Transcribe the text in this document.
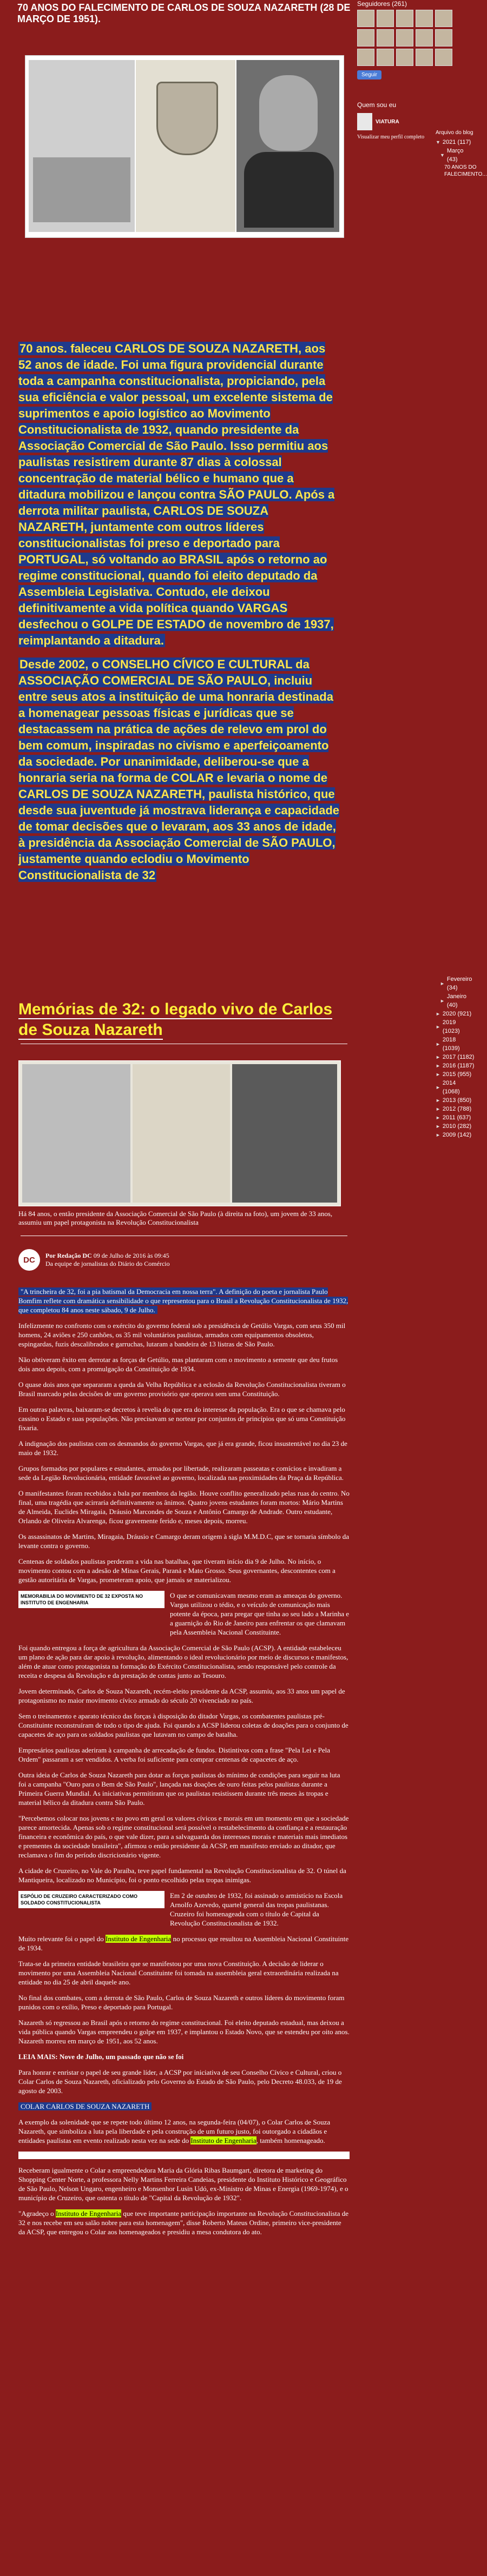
70 ANOS DO FALECIMENTO DE CARLOS DE SOUZA NAZARETH (28 DE MARÇO DE 1951).

70 anos. faleceu CARLOS DE SOUZA NAZARETH, aos 52 anos de idade. Foi uma figura providencial durante toda a campanha constitucionalista, propiciando, pela sua eficiência e valor pessoal, um excelente sistema de suprimentos e apoio logístico ao Movimento Constitucionalista de 1932, quando presidente da Associação Comercial de São Paulo. Isso permitiu aos paulistas resistirem durante 87 dias à colossal concentração de material bélico e humano que a ditadura mobilizou e lançou contra SÃO PAULO. Após a derrota militar paulista, CARLOS DE SOUZA NAZARETH, juntamente com outros líderes constitucionalistas foi preso e deportado para PORTUGAL, só voltando ao BRASIL após o retorno ao regime constitucional, quando foi eleito deputado da Assembleia Legislativa. Contudo, ele deixou definitivamente a vida política quando VARGAS desfechou o GOLPE DE ESTADO de novembro de 1937, reimplantando a ditadura.

Desde 2002, o CONSELHO CÍVICO E CULTURAL da ASSOCIAÇÃO COMERCIAL DE SÃO PAULO, incluiu entre seus atos a instituição de uma honraria destinada a homenagear pessoas físicas e jurídicas que se destacassem na prática de ações de relevo em prol do bem comum, inspiradas no civismo e aperfeiçoamento da sociedade. Por unanimidade, deliberou-se que a honraria seria na forma de COLAR e levaria o nome de CARLOS DE SOUZA NAZARETH, paulista histórico, que desde sua juventude já mostrava liderança e capacidade de tomar decisões que o levaram, aos 33 anos de idade, à presidência da Associação Comercial de SÃO PAULO, justamente quando eclodiu o Movimento Constitucionalista de 32

Memórias de 32: o legado vivo de Carlos de Souza Nazareth
Há 84 anos, o então presidente da Associação Comercial de São Paulo (à direita na foto), um jovem de 33 anos, assumiu um papel protagonista na Revolução Constitucionalista
DC	Por Redação DC 09 de Julho de 2016 às 09:45
Da equipe de jornalistas do Diário do Comércio

"A trincheira de 32, foi a pia batismal da Democracia em nossa terra". A definição do poeta e jornalista Paulo Bomfim reflete com dramática sensibilidade o que representou para o Brasil a Revolução Constitucionalista de 1932, que completou 84 anos neste sábado, 9 de Julho.

Infelizmente no confronto com o exército do governo federal sob a presidência de Getúlio Vargas, com seus 350 mil homens, 24 aviões e 250 canhões, os 35 mil voluntários paulistas, armados com equipamentos obsoletos, espingardas, fuzis descalibrados e garruchas, lutaram a bandeira de 13 listras de São Paulo.

Não obtiveram êxito em derrotar as forças de Getúlio, mas plantaram com o movimento a semente que deu frutos dois anos depois, com a promulgação da Constituição de 1934.

O quase dois anos que separaram a queda da Velha República e a eclosão da Revolução Constitucionalista tiveram o Brasil marcado pelas decisões de um governo provisório que operava sem uma Constituição.

Em outras palavras, baixaram-se decretos à revelia do que era do interesse da população. Era o que se chamava pelo cassino o Estado e suas populações. Não precisavam se nortear por conjuntos de princípios que só uma Constituição fixaria.

A indignação dos paulistas com os desmandos do governo Vargas, que já era grande, ficou insustentável no dia 23 de maio de 1932.

Grupos formados por populares e estudantes, armados por libertade, realizaram passeatas e comícios e invadiram a sede da Legião Revolucionária, entidade favorável ao governo, localizada nas proximidades da Praça da República.

O manifestantes foram recebidos a bala por membros da legião. Houve conflito generalizado pelas ruas do centro. No final, uma tragédia que acirraria definitivamente os ânimos. Quatro jovens estudantes foram mortos: Mário Martins de Almeida, Euclides Miragaia, Dráusio Marcondes de Souza e Antônio Camargo de Andrade. Outro estudante, Orlando de Oliveira Alvarenga, ficou gravemente ferido e, meses depois, morreu.

Os assassinatos de Martins, Miragaia, Dráusio e Camargo deram origem à sigla M.M.D.C, que se tornaria símbolo da levante contra o governo.

Centenas de soldados paulistas perderam a vida nas batalhas, que tiveram início dia 9 de Julho. No início, o movimento contou com a adesão de Minas Gerais, Paraná e Mato Grosso. Seus governantes, descontentes com a gestão autoritária de Vargas, prometeram apoio, que jamais se materializou.

MEMORABILIA DO MOVIMENTO DE 32 EXPOSTA NO INSTITUTO DE ENGENHARIA
O que se comunicavam mesmo eram as ameaças do governo. Vargas utilizou o tédio, e o veículo de comunicação mais potente da época, para pregar que tinha ao seu lado a Marinha e a guarnição do Rio de Janeiro para enfrentar os que clamavam pela Assembleia Nacional Constituinte.

Foi quando entregou a força de agricultura da Associação Comercial de São Paulo (ACSP). A entidade estabeleceu um plano de ação para dar apoio à revolução, alimentando o ideal revolucionário por meio de discursos e manifestos, além de atuar como protagonista na formação do Exército Constitucionalista, sendo responsável pelo controle da receita e despesa da Revolução e da prestação de contas junto ao Tesouro.

Jovem determinado, Carlos de Souza Nazareth, recém-eleito presidente da ACSP, assumiu, aos 33 anos um papel de protagonismo no maior movimento cívico armado do século 20 vivenciado no país.

Sem o treinamento e aparato técnico das forças à disposição do ditador Vargas, os combatentes paulistas pré-Constituinte reconstruíram de todo o tipo de ajuda. Foi quando a ACSP liderou coletas de doações para o conjunto de capacetes de aço para os soldados paulistas que lutavam no campo de batalha.

Empresários paulistas aderiram à campanha de arrecadação de fundos. Distintivos com a frase "Pela Lei e Pela Ordem" passaram a ser vendidos. A verba foi suficiente para comprar centenas de capacetes de aço.

Outra ideia de Carlos de Souza Nazareth para dotar as forças paulistas do mínimo de condições para seguir na luta foi a campanha "Ouro para o Bem de São Paulo", lançada nas doações de ouro feitas pelos paulistas durante a Primeira Guerra Mundial. As iniciativas permitiram que os paulistas resistissem durante três meses às tropas e material bélico da ditadura contra São Paulo.

"Percebemos colocar nos jovens e no povo em geral os valores cívicos e morais em um momento em que a sociedade parece amortecida. Apenas sob o regime constitucional será possível o restabelecimento da confiança e a restauração financeira e econômica do país, o que vale dizer, para a salvaguarda dos interesses morais e materiais mais imediatos e prementes da sociedade brasileira", afirmou o então presidente da ACSP, em manifesto enviado ao ditador, que reclamava o fim do período discricionário vigente.

A cidade de Cruzeiro, no Vale do Paraíba, teve papel fundamental na Revolução Constitucionalista de 32. O túnel da Mantiqueira, localizado no Município, foi o ponto escolhido pelas tropas inimigas.

ESPÓLIO DE CRUZEIRO CARACTERIZADO COMO SOLDADO CONSTITUCIONALISTA
Em 2 de outubro de 1932, foi assinado o armistício na Escola Arnolfo Azevedo, quartel general das tropas paulistanas. Cruzeiro foi homenageada com o título de Capital da Revolução Constitucionalista de 1932.

Muito relevante foi o papel do Instituto de Engenharia no processo que resultou na Assembleia Nacional Constituinte de 1934.

Trata-se da primeira entidade brasileira que se manifestou por uma nova Constituição. A decisão de liderar o movimento por uma Assembleia Nacional Constituinte foi tomada na assembleia geral extraordinária realizada na entidade no dia 25 de abril daquele ano.

No final dos combates, com a derrota de São Paulo, Carlos de Souza Nazareth e outros líderes do movimento foram punidos com o exílio, Preso e deportado para Portugal.

Nazareth só regressou ao Brasil após o retorno do regime constitucional. Foi eleito deputado estadual, mas deixou a vida pública quando Vargas empreendeu o golpe em 1937, e implantou o Estado Novo, que se estendeu por oito anos. Nazareth morreu em março de 1951, aos 52 anos.

LEIA MAIS: Nove de Julho, um passado que não se foi

Para honrar e enristar o papel de seu grande líder, a ACSP por iniciativa de seu Conselho Cívico e Cultural, criou o Colar Carlos de Souza Nazareth, oficializado pelo Governo do Estado de São Paulo, pelo Decreto 48.033, de 19 de agosto de 2003.

COLAR CARLOS DE SOUZA NAZARETH

A exemplo da solenidade que se repete todo último 12 anos, na segunda-feira (04/07), o Colar Carlos de Souza Nazareth, que simboliza a luta pela liberdade e pela construção de um futuro justo, foi outorgado a cidadãos e entidades paulistas em evento realizado nesta vez na sede do Instituto de Engenharia, também homenageado.

Receberam igualmente o Colar a empreendedora Maria da Glória Ribas Baumgart, diretora de marketing do Shopping Center Norte, a professora Nelly Martins Ferreira Candeias, presidente do Instituto Histórico e Geográfico de São Paulo, Nelson Ungaro, engenheiro e Monsenhor Lusin Udó, ex-Ministro de Minas e Energia (1969-1974), e o município de Cruzeiro, que ostenta o título de "Capital da Revolução de 1932".

"Agradeço o Instituto de Engenharia que teve importante participação importante na Revolução Constitucionalista de 32 e nos recebe em seu salão nobre para esta homenagem", disse Roberto Mateus Ordine, primeiro vice-presidente da ACSP, que entregou o Colar aos homenageados e presidiu a mesa condutora do ato.

Seguidores (261)
Seguir
Quem sou eu
VIATURA
Visualizar meu perfil completo
Arquivo do blog
▼ 2021 (117)
▼
Março (43)
70 ANOS DO FALECIMENTO...
►
Fevereiro (34)
►
Janeiro (40)
► 2020 (921)
►
2019 (1023)
►
2018 (1039)
► 2017 (1182)
► 2016 (1187)
► 2015 (955)
►
2014 (1068)
► 2013 (850)
► 2012 (788)
► 2011 (637)
► 2010 (282)
► 2009 (142)
